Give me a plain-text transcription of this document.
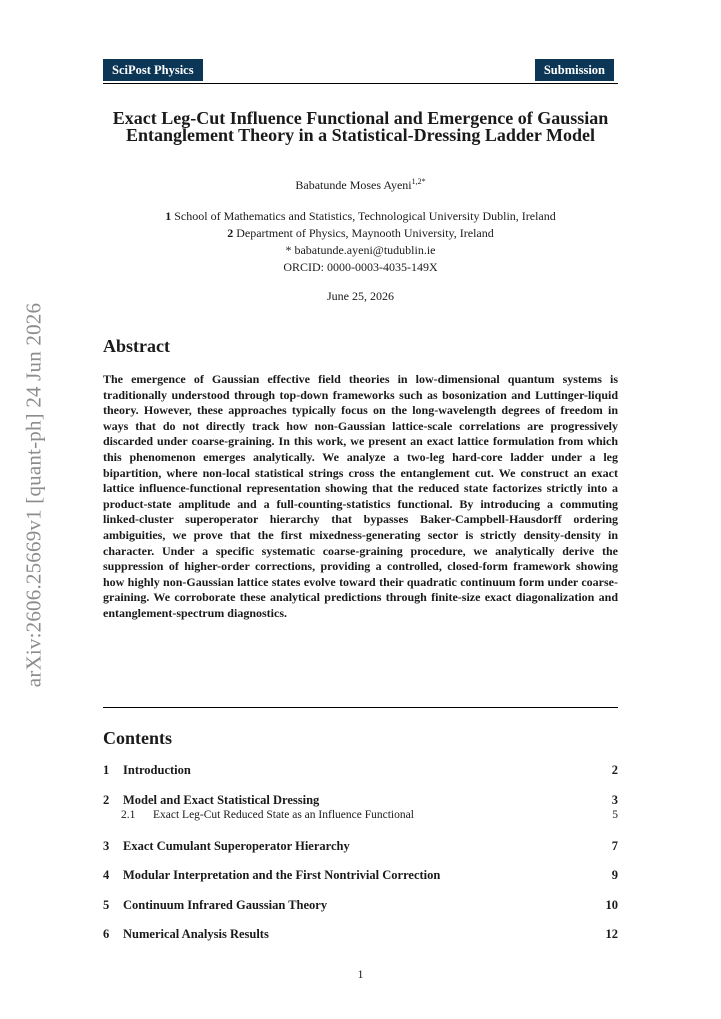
arXiv:2606.25669v1 [quant-ph] 24 Jun 2026
SciPost Physics	Submission
Exact Leg-Cut Influence Functional and Emergence of Gaussian Entanglement Theory in a Statistical-Dressing Ladder Model
Babatunde Moses Ayeni$^{1,2*}$
1 School of Mathematics and Statistics, Technological University Dublin, Ireland
2 Department of Physics, Maynooth University, Ireland
* babatunde.ayeni@tudublin.ie
ORCID: 0000-0003-4035-149X
June 25, 2026
Abstract
The emergence of Gaussian effective field theories in low-dimensional quantum systems is traditionally understood through top-down frameworks such as bosonization and Luttinger-liquid theory. However, these approaches typically focus on the long-wavelength degrees of freedom in ways that do not directly track how non-Gaussian lattice-scale correlations are progressively discarded under coarse-graining. In this work, we present an exact lattice formulation from which this phenomenon emerges analytically. We analyze a two-leg hard-core ladder under a leg bipartition, where non-local statistical strings cross the entanglement cut. We construct an exact lattice influence-functional representation showing that the reduced state factorizes strictly into a product-state amplitude and a full-counting-statistics functional. By introducing a commuting linked-cluster superoperator hierarchy that bypasses Baker-Campbell-Hausdorff ordering ambiguities, we prove that the first mixedness-generating sector is strictly density-density in character. Under a specific systematic coarse-graining procedure, we analytically derive the suppression of higher-order corrections, providing a controlled, closed-form framework showing how highly non-Gaussian lattice states evolve toward their quadratic continuum form under coarse-graining. We corroborate these analytical predictions through finite-size exact diagonalization and entanglement-spectrum diagnostics.
Contents
1 Introduction	2
2 Model and Exact Statistical Dressing	3
2.1 Exact Leg-Cut Reduced State as an Influence Functional	5
3 Exact Cumulant Superoperator Hierarchy	7
4 Modular Interpretation and the First Nontrivial Correction	9
5 Continuum Infrared Gaussian Theory	10
6 Numerical Analysis Results	12
1
